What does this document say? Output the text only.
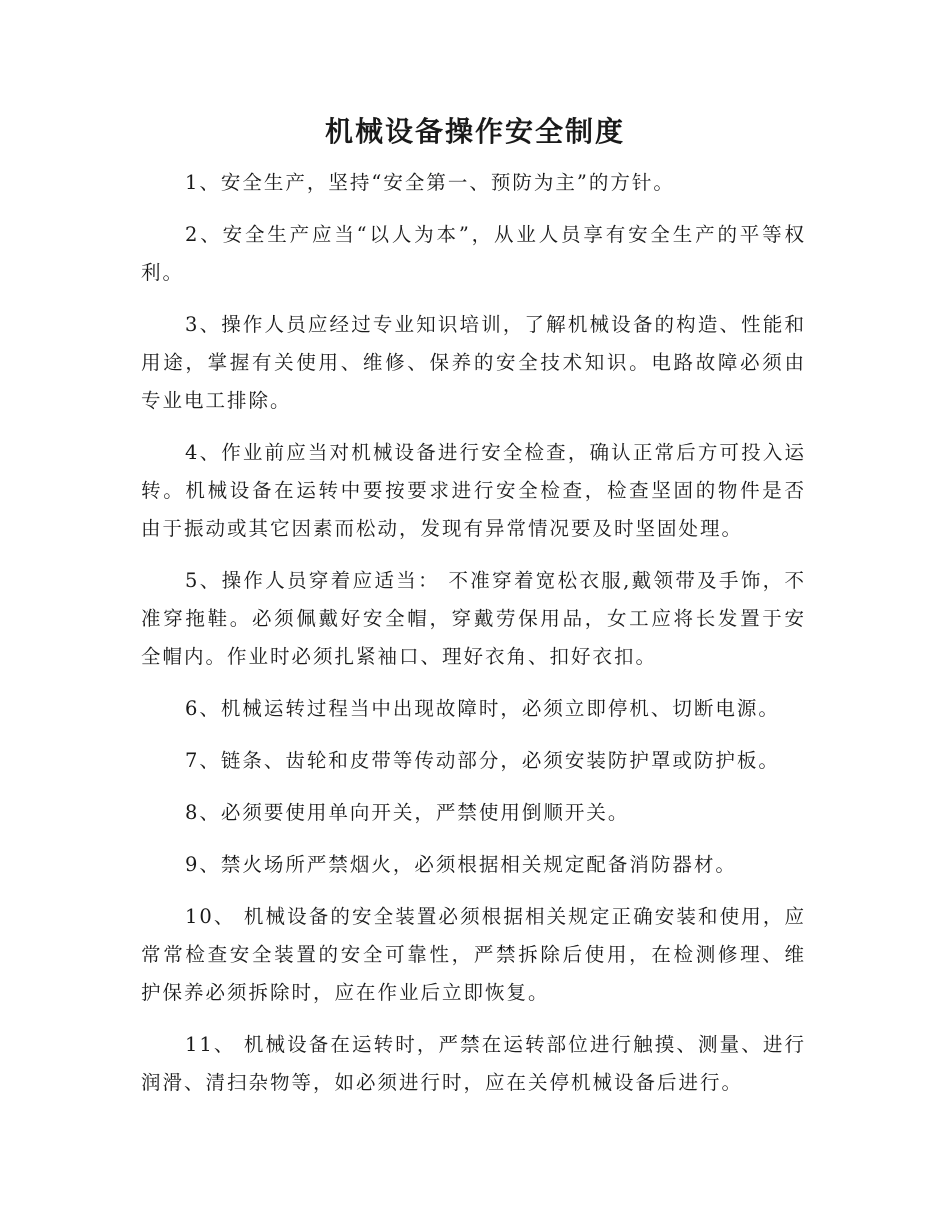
机械设备操作安全制度

1、安全生产，坚持“安全第一、预防为主”的方针。

2、安全生产应当“以人为本”，从业人员享有安全生产的平等权利。

3、操作人员应经过专业知识培训，了解机械设备的构造、性能和用途，掌握有关使用、维修、保养的安全技术知识。电路故障必须由专业电工排除。

4、作业前应当对机械设备进行安全检查，确认正常后方可投入运转。机械设备在运转中要按要求进行安全检查，检查坚固的物件是否由于振动或其它因素而松动，发现有异常情况要及时坚固处理。

5、操作人员穿着应适当： 不准穿着宽松衣服,戴领带及手饰，不准穿拖鞋。必须佩戴好安全帽，穿戴劳保用品，女工应将长发置于安全帽内。作业时必须扎紧袖口、理好衣角、扣好衣扣。

6、机械运转过程当中出现故障时，必须立即停机、切断电源。

7、链条、齿轮和皮带等传动部分，必须安装防护罩或防护板。

8、必须要使用单向开关，严禁使用倒顺开关。

9、禁火场所严禁烟火，必须根据相关规定配备消防器材。

10、 机械设备的安全装置必须根据相关规定正确安装和使用，应常常检查安全装置的安全可靠性，严禁拆除后使用，在检测修理、维护保养必须拆除时，应在作业后立即恢复。

11、 机械设备在运转时，严禁在运转部位进行触摸、测量、进行润滑、清扫杂物等，如必须进行时，应在关停机械设备后进行。
